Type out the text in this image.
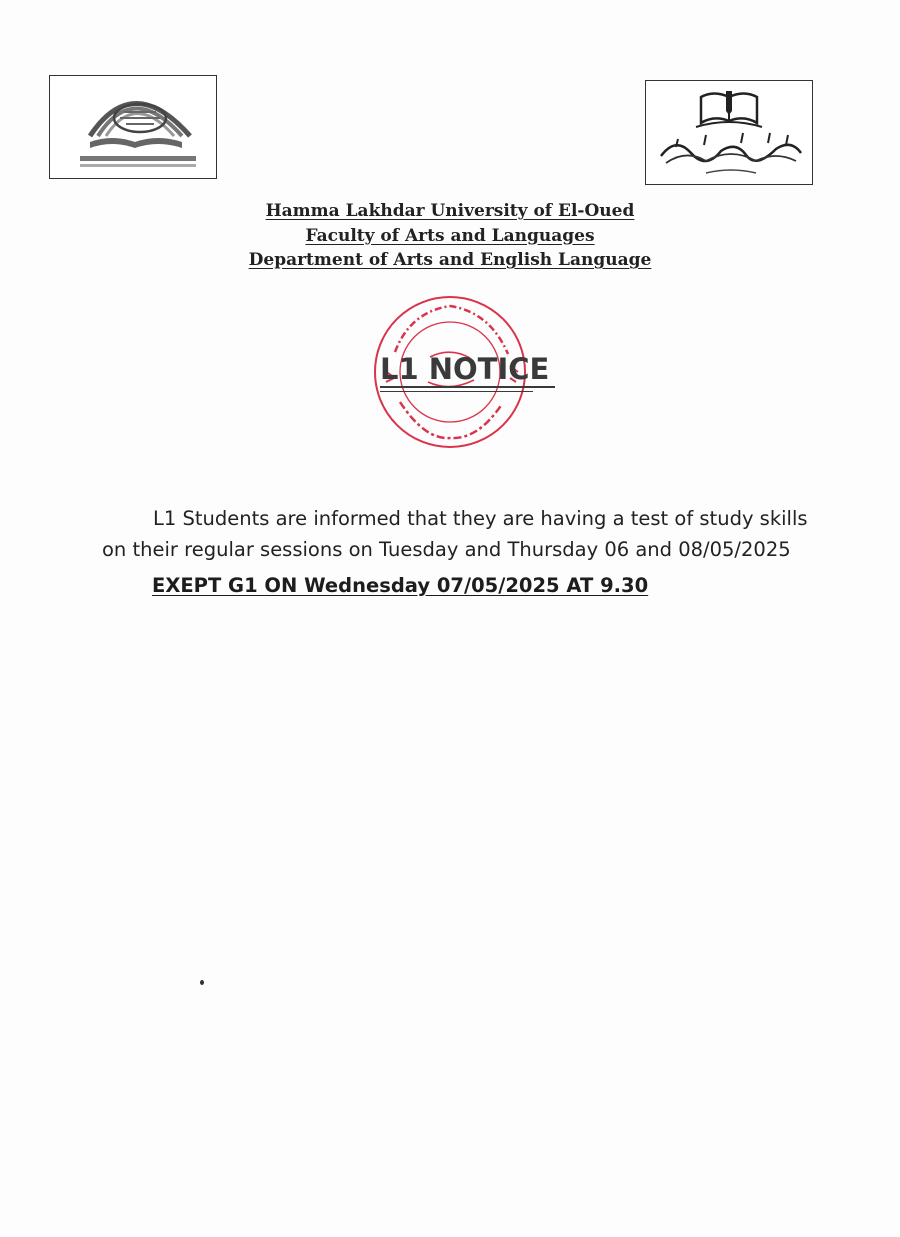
Hamma Lakhdar University of El-Oued
Faculty of Arts and Languages
Department of Arts and English Language
L1 NOTICE
L1 Students are informed that they are having a test of study skills
on their regular sessions on Tuesday and Thursday 06 and 08/05/2025
EXEPT G1 ON Wednesday 07/05/2025 AT 9.30
